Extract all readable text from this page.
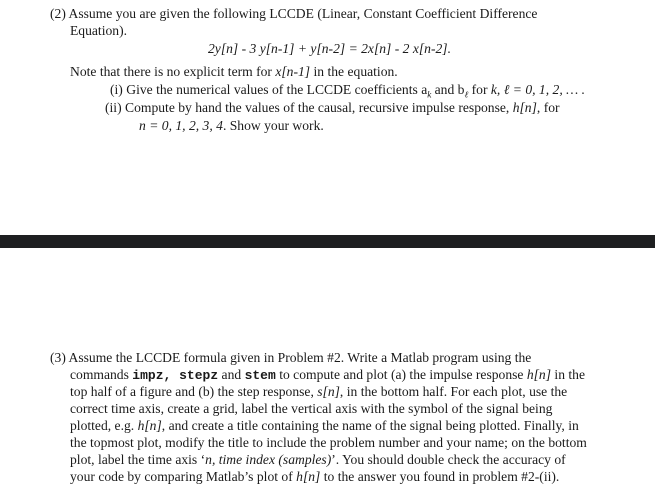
(2) Assume you are given the following LCCDE (Linear, Constant Coefficient Difference
Equation).
2y[n] - 3 y[n-1] + y[n-2] = 2x[n] - 2 x[n-2].
Note that there is no explicit term for x[n-1] in the equation.
(i) Give the numerical values of the LCCDE coefficients $a_k$ and $b_\ell$ for k, ℓ = 0, 1, 2, … .
(ii) Compute by hand the values of the causal, recursive impulse response, h[n], for
n = 0, 1, 2, 3, 4. Show your work.
(3) Assume the LCCDE formula given in Problem #2. Write a Matlab program using the
commands impz, stepz and stem to compute and plot (a) the impulse response h[n] in the
top half of a figure and (b) the step response, s[n], in the bottom half. For each plot, use the
correct time axis, create a grid, label the vertical axis with the symbol of the signal being
plotted, e.g. h[n], and create a title containing the name of the signal being plotted. Finally, in
the topmost plot, modify the title to include the problem number and your name; on the bottom
plot, label the time axis ‘n, time index (samples)’. You should double check the accuracy of
your code by comparing Matlab’s plot of h[n] to the answer you found in problem #2-(ii).
